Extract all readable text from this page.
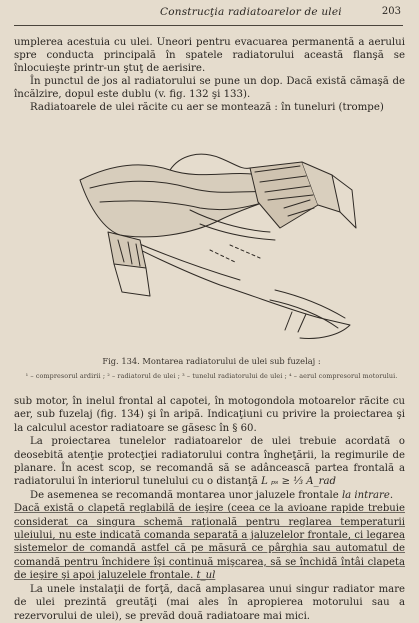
Construcţia radiatoarelor de ulei	203

umplerea acestuia cu ulei. Uneori pentru evacuarea permanentă a aerului spre conducta principală în spatele radiatorului această flanşă se înlocuieşte printr-un ştuţ de aerisire.

În punctul de jos al radiatorului se pune un dop. Dacă există cămaşă de încălzire, dopul este dublu (v. fig. 132 şi 133).

Radiatoarele de ulei răcite cu aer se montează : în tuneluri (trompe)

Fig. 134. Montarea radiatorului de ulei sub fuzelaj :
¹ – compresorul ardirii ; ² – radiatorul de ulei ; ³ – tunelul radiatorului de ulei ; ⁴ – aerul compresorul motorului.

sub motor, în inelul frontal al capotei, în motogondola motoarelor răcite cu aer, sub fuzelaj (fig. 134) şi în aripă. Indicaţiuni cu privire la proiectarea şi la calculul acestor radiatoare se găsesc în § 60.

La proiectarea tunelelor radiatoarelor de ulei trebuie acordată o deosebită atenţie protecţiei radiatorului contra îngheţării, la regimurile de planare. În acest scop, se recomandă să se adâncească partea frontală a radiatorului în interiorul tunelului cu o distanţă L ₚₛ ≥ ⅓ A_rad

De asemenea se recomandă montarea unor jaluzele frontale la intrare.

Dacă există o clapetă reglabilă de ieşire (ceea ce la avioane rapide trebuie considerat ca singura schemă raţională pentru reglarea temperaturii uleiului, nu este indicată comanda separată a jaluzelelor frontale, ci legarea sistemelor de comandă astfel că pe măsură ce pârghia sau automatul de comandă pentru închidere îşi continuă mişcarea, să se închidă întâi clapeta de ieşire şi apoi jaluzelele frontale. t_ul

La unele instalaţii de forţă, dacă amplasarea unui singur radiator mare de ulei prezintă greutăţi (mai ales în apropierea motorului sau a rezervorului de ulei), se prevăd două radiatoare mai mici.
